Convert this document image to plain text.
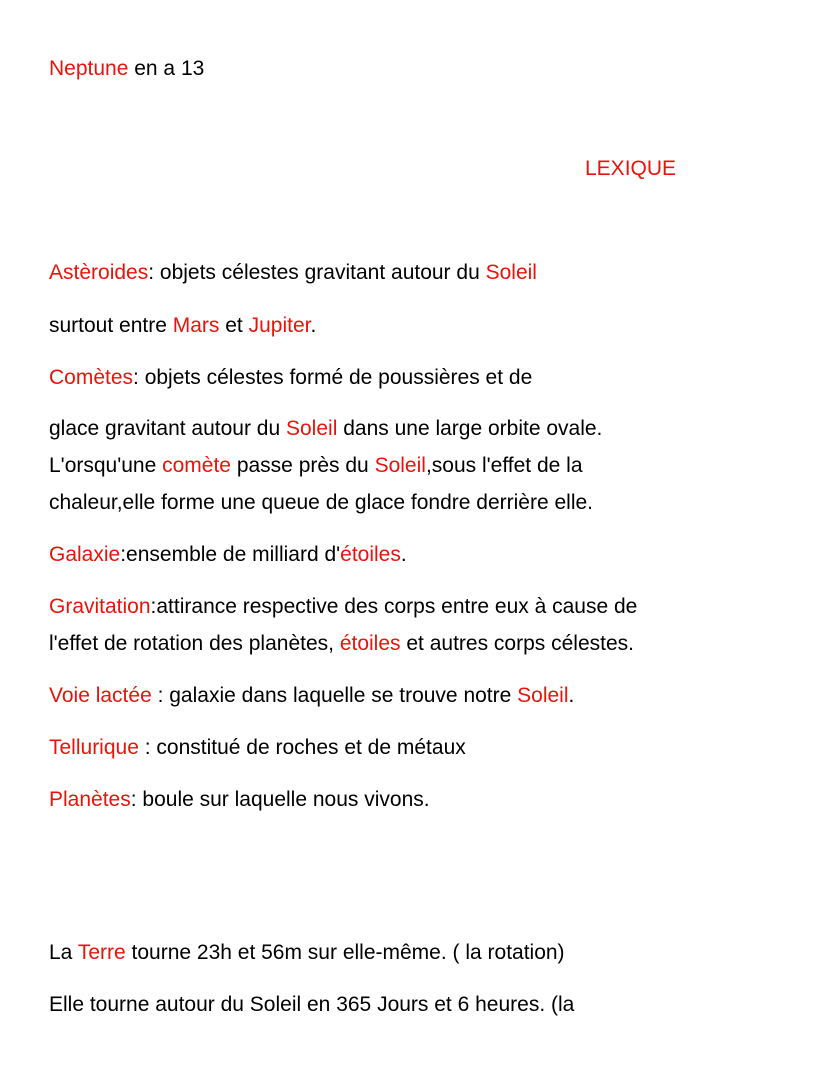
LEXIQUE
Neptune en a 13
Astèroides: objets célestes gravitant autour du Soleil
surtout entre Mars et Jupiter.
Comètes: objets célestes formé de poussières et de
glace gravitant autour du Soleil dans une large orbite ovale.
L'orsqu'une comète passe près du Soleil,sous l'effet de la
chaleur,elle forme une queue de glace fondre derrière elle.
Galaxie:ensemble de milliard d'étoiles.
Gravitation:attirance respective des corps entre eux à cause de
l'effet de rotation des planètes, étoiles et autres corps célestes.
Voie lactée : galaxie dans laquelle se trouve notre Soleil.
Tellurique : constitué de roches et de métaux
Planètes: boule sur laquelle nous vivons.
La Terre tourne 23h et 56m sur elle-même. ( la rotation)
Elle tourne autour du Soleil en 365 Jours et 6 heures. (la
